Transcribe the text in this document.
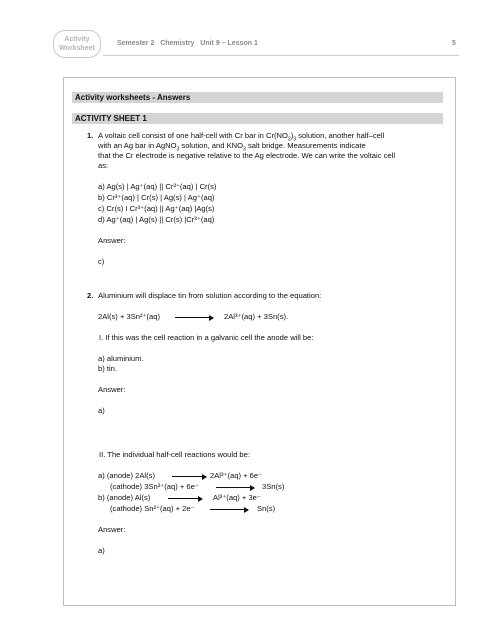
Activity
Worksheet
Semester 2   Chemistry   Unit 9 – Lesson 1	5
Activity worksheets - Answers
ACTIVITY SHEET 1
1. A voltaic cell consist of one half-cell with Cr bar in $Cr(NO_3)_3$ solution, another half–cell
with an Ag bar in AgNO$_3$ solution, and $KNO_3$ salt bridge. Measurements indicate
that the Cr electrode is negative relative to the Ag electrode. We can write the voltaic cell
as:
a) Ag(s) | Ag⁺(aq) || Cr³⁺(aq) | Cr(s)
b) Cr³⁺(aq) | Cr(s) | Ag(s) | Ag⁺(aq)
c) Cr(s) I Cr³⁺(aq) || Ag⁺(aq) |Ag(s)
d) Ag⁺(aq) | Ag(s) || Cr(s) |Cr³⁺(aq)
Answer:
c)
2. Aluminium will displace tin from solution according to the equation:
2Al(s) + 3Sn²⁺(aq) → 2Al³⁺(aq) + 3Sn(s).
I. If this was the cell reaction in a galvanic cell the anode will be:
a) aluminium.
b) tin.
Answer:
a)
II. The individual half-cell reactions would be:
a) (anode) 2Al(s) → 2Al³⁺(aq) + 6e⁻
(cathode) 3Sn²⁺(aq) + 6e⁻ → 3Sn(s)
b) (anode) Al(s) → Al³⁺(aq) + 3e⁻
(cathode) Sn²⁺(aq) + 2e⁻ → Sn(s)
Answer:
a)
